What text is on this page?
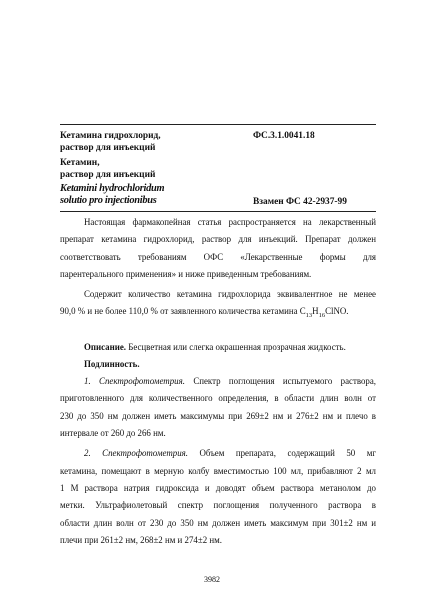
Кетамина гидрохлорид,	ФС.3.1.0041.18
раствор для инъекций
Кетамин,
раствор для инъекций
Ketamini hydrochloridum
solutio pro injectionibus	Взамен ФС 42-2937-99

Настоящая фармакопейная статья распространяется на лекарственный
препарат кетамина гидрохлорид, раствор для инъекций. Препарат должен
соответствовать требованиям ОФС «Лекарственные формы для
парентерального применения» и ниже приведенным требованиям.

Содержит количество кетамина гидрохлорида эквивалентное не менее
90,0 % и не более 110,0 % от заявленного количества кетамина $C_{13}H_{16}ClNO$.

Описание. Бесцветная или слегка окрашенная прозрачная жидкость.

Подлинность.

1. Спектрофотометрия. Спектр поглощения испытуемого раствора,
приготовленного для количественного определения, в области длин волн от
230 до 350 нм должен иметь максимумы при 269±2 нм и 276±2 нм и плечо в
интервале от 260 до 266 нм.

2. Спектрофотометрия. Объем препарата, содержащий 50 мг
кетамина, помещают в мерную колбу вместимостью 100 мл, прибавляют 2 мл
1 М раствора натрия гидроксида и доводят объем раствора метанолом до
метки. Ультрафиолетовый спектр поглощения полученного раствора в
области длин волн от 230 до 350 нм должен иметь максимум при 301±2 нм и
плечи при 261±2 нм, 268±2 нм и 274±2 нм.

3982
